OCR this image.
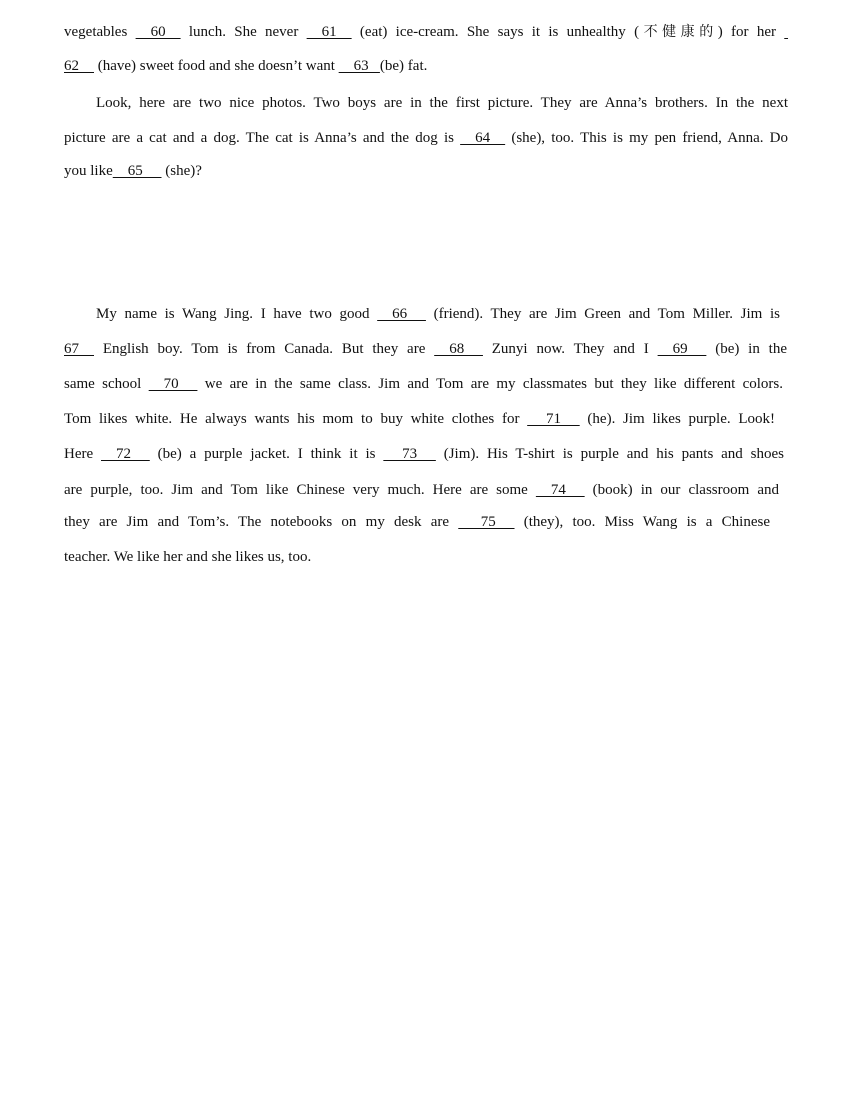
vegetables     60     lunch. She never     61     (eat) ice-cream. She says it is unhealthy (不健康的) for her
62     (have) sweet food and she doesn’t want     63   (be) fat.
Look, here are two nice photos. Two boys are in the first picture. They are Anna’s brothers. In the next
picture are a cat and a dog. The cat is Anna’s and the dog is     64     (she), too. This is my pen friend, Anna. Do
you like    65      (she)?
My name is Wang Jing. I have two good     66      (friend). They are Jim Green and Tom Miller. Jim is
67     English boy. Tom is from Canada. But they are     68      Zunyi now. They and I     69      (be) in the
same school     70      we are in the same class. Jim and Tom are my classmates but they like different colors.
Tom likes white. He always wants his mom to buy white clothes for      71      (he). Jim likes purple. Look!
Here     72      (be) a purple jacket. I think it is      73      (Jim). His T-shirt is purple and his pants and shoes
are purple, too. Jim and Tom like Chinese very much. Here are some     74      (book) in our classroom and
they are Jim and Tom’s. The notebooks on my desk are       75      (they), too. Miss Wang is a Chinese
teacher. We like her and she likes us, too.
